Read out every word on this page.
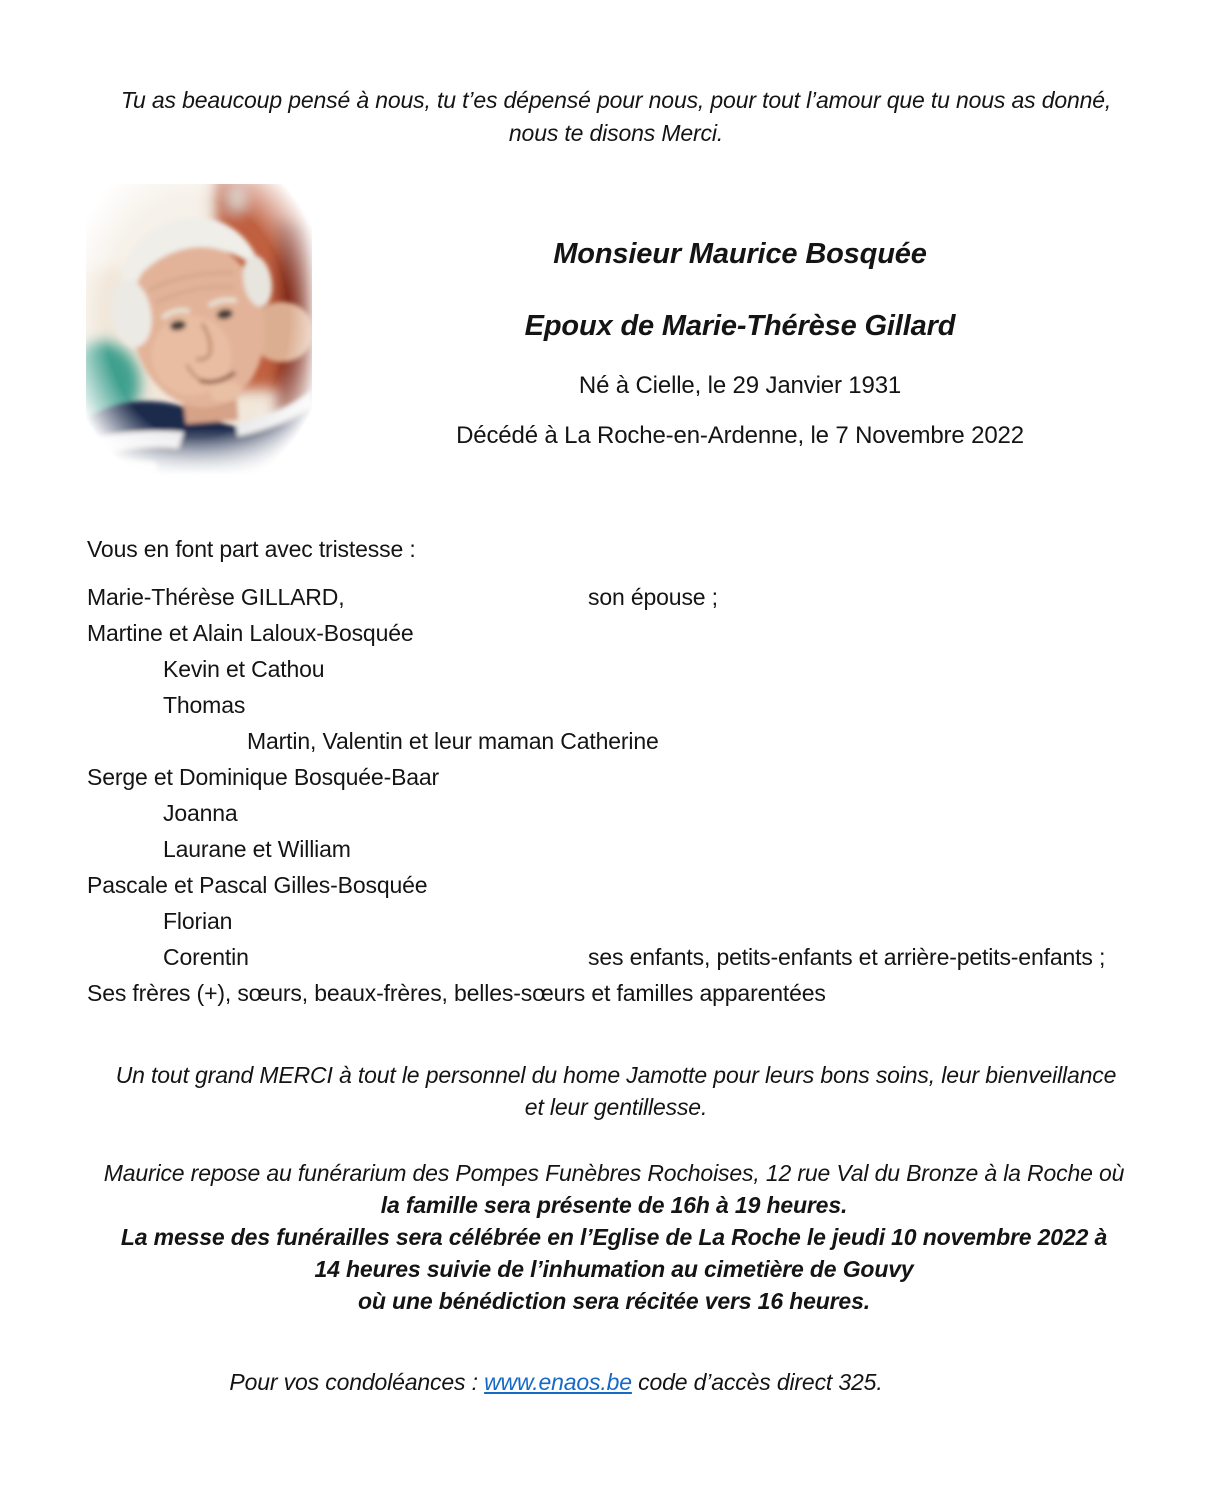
Tu as beaucoup pensé à nous, tu t’es dépensé pour nous, pour tout l’amour que tu nous as donné,
nous te disons Merci.
Monsieur Maurice Bosquée
Epoux de Marie-Thérèse Gillard
Né à Cielle, le 29 Janvier 1931
Décédé à La Roche-en-Ardenne, le 7 Novembre 2022
Vous en font part avec tristesse :
Marie-Thérèse GILLARD,	son épouse ;
Martine et Alain Laloux-Bosquée
Kevin et Cathou
Thomas
Martin, Valentin et leur maman Catherine
Serge et Dominique Bosquée-Baar
Joanna
Laurane et William
Pascale et Pascal Gilles-Bosquée
Florian
Corentin	ses enfants, petits-enfants et arrière-petits-enfants ;
Ses frères (+), sœurs, beaux-frères, belles-sœurs et familles apparentées
Un tout grand MERCI à tout le personnel du home Jamotte pour leurs bons soins, leur bienveillance
et leur gentillesse.
Maurice repose au funérarium des Pompes Funèbres Rochoises, 12 rue Val du Bronze à la Roche où
la famille sera présente de 16h à 19 heures.
La messe des funérailles sera célébrée en l’Eglise de La Roche le jeudi 10 novembre 2022 à
14 heures suivie de l’inhumation au cimetière de Gouvy
où une bénédiction sera récitée vers 16 heures.
Pour vos condoléances : www.enaos.be code d’accès direct 325.
